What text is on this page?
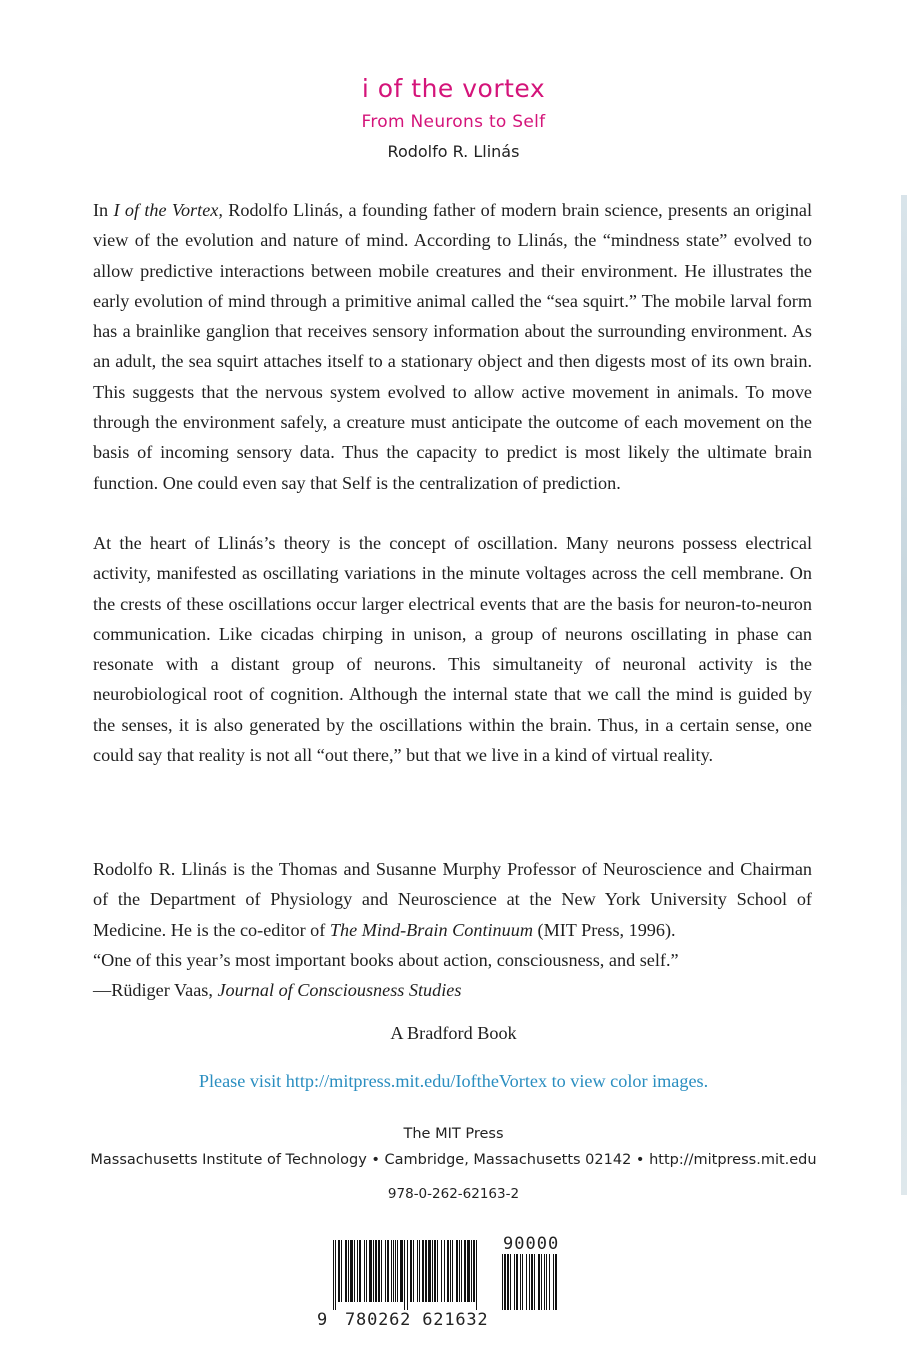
i of the vortex
From Neurons to Self
Rodolfo R. Llinás

In I of the Vortex, Rodolfo Llinás, a founding father of modern brain science, presents an original view of the evolution and nature of mind. According to Llinás, the “mindness state” evolved to allow predictive interactions between mobile creatures and their environment. He illustrates the early evolution of mind through a primitive animal called the “sea squirt.” The mobile larval form has a brainlike ganglion that receives sensory information about the surrounding environment. As an adult, the sea squirt attaches itself to a stationary object and then digests most of its own brain. This suggests that the nervous system evolved to allow active movement in animals. To move through the environment safely, a creature must anticipate the outcome of each movement on the basis of incoming sensory data. Thus the capacity to predict is most likely the ultimate brain function. One could even say that Self is the centralization of prediction.

At the heart of Llinás’s theory is the concept of oscillation. Many neurons possess electrical activity, manifested as oscillating variations in the minute voltages across the cell membrane. On the crests of these oscillations occur larger electrical events that are the basis for neuron-to-neuron communication. Like cicadas chirping in unison, a group of neurons oscillating in phase can resonate with a distant group of neurons. This simultaneity of neuronal activity is the neurobiological root of cognition. Although the internal state that we call the mind is guided by the senses, it is also generated by the oscillations within the brain. Thus, in a certain sense, one could say that reality is not all “out there,” but that we live in a kind of virtual reality.

Rodolfo R. Llinás is the Thomas and Susanne Murphy Professor of Neuroscience and Chairman of the Department of Physiology and Neuroscience at the New York University School of Medicine. He is the co-editor of The Mind-Brain Continuum (MIT Press, 1996).
“One of this year’s most important books about action, consciousness, and self.”
—Rüdiger Vaas, Journal of Consciousness Studies
A Bradford Book
Please visit http://mitpress.mit.edu/IoftheVortex to view color images.
The MIT Press
Massachusetts Institute of Technology • Cambridge, Massachusetts 02142 • http://mitpress.mit.edu
978-0-262-62163-2
9 780262 621632
90000
